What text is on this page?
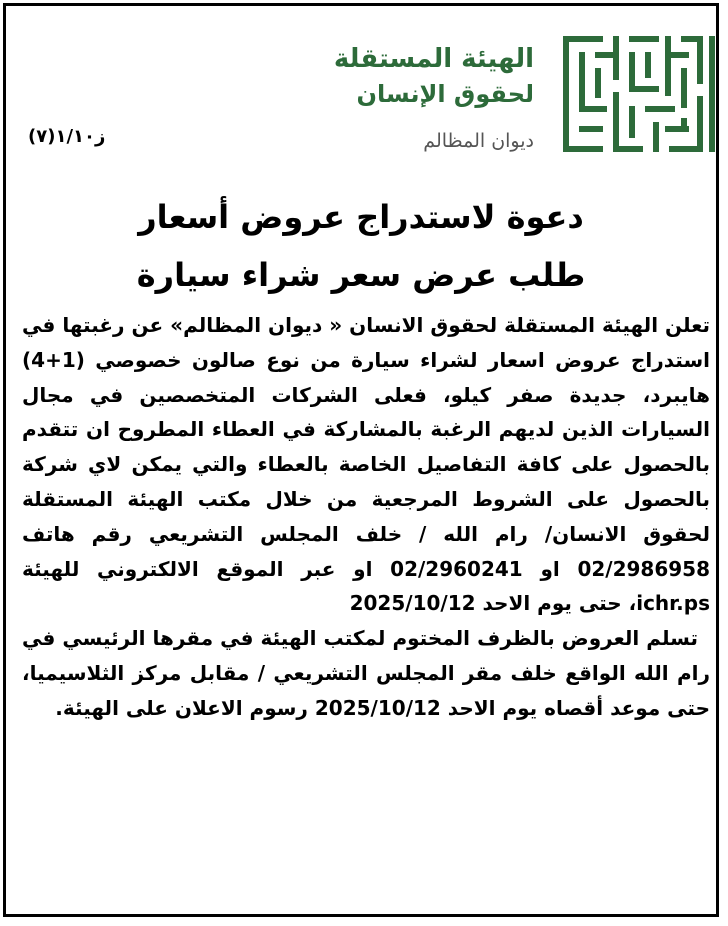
الهيئة المستقلة
لحقوق الإنسان
ديوان المظالم
ز١/١٠(٧)
دعوة لاستدراج عروض أسعار
طلب عرض سعر شراء سيارة

تعلن الهيئة المستقلة لحقوق الانسان « ديوان المظالم» عن رغبتها في استدراج عروض اسعار لشراء سيارة من نوع صالون خصوصي (1+4) هايبرد، جديدة صفر كيلو، فعلى الشركات المتخصصين في مجال السيارات الذين لديهم الرغبة بالمشاركة في العطاء المطروح ان تتقدم بالحصول على كافة التفاصيل الخاصة بالعطاء والتي يمكن لاي شركة بالحصول على الشروط المرجعية من خلال مكتب الهيئة المستقلة لحقوق الانسان/ رام الله / خلف المجلس التشريعي رقم هاتف 02/2986958 او 02/2960241 او عبر الموقع الالكتروني للهيئة ichr.ps، حتى يوم الاحد 2025/10/12

تسلم العروض بالظرف المختوم لمكتب الهيئة في مقرها الرئيسي في رام الله الواقع خلف مقر المجلس التشريعي / مقابل مركز الثلاسيميا، حتى موعد أقصاه يوم الاحد 2025/10/12 رسوم الاعلان على الهيئة.
